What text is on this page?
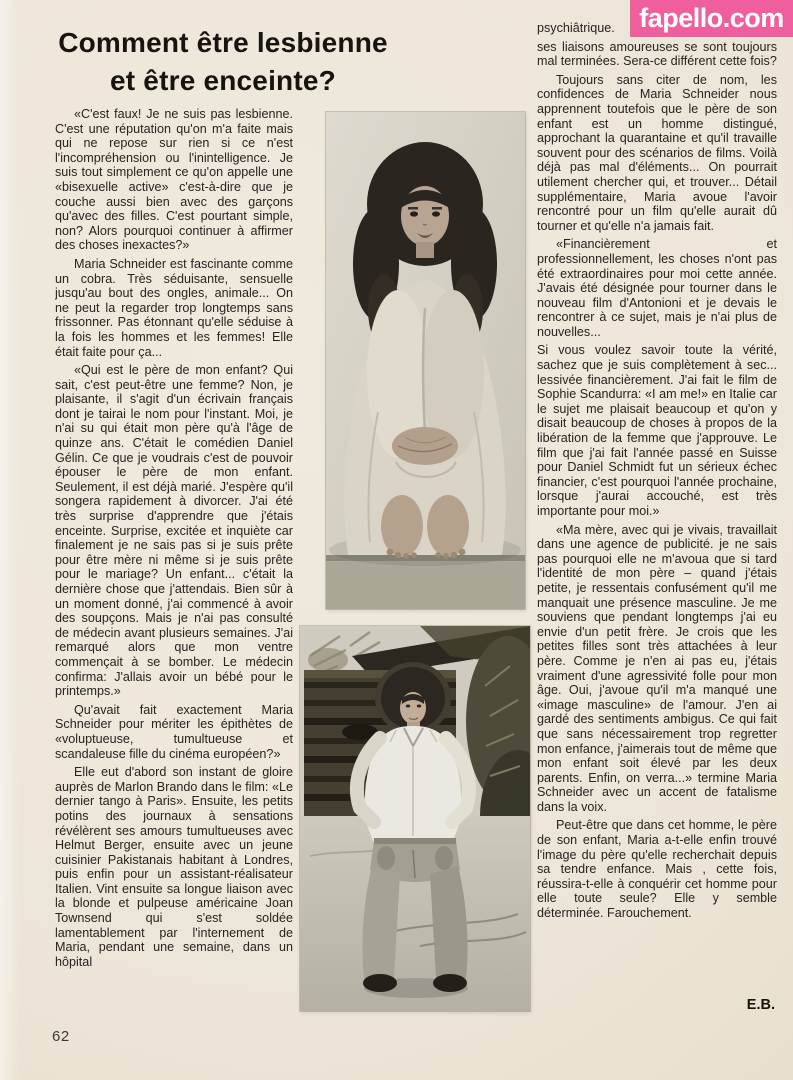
fapello.com
Comment être lesbienne
et être enceinte?

«C'est faux! Je ne suis pas lesbienne. C'est une réputation qu'on m'a faite mais qui ne repose sur rien si ce n'est l'incompréhension ou l'inintelligence. Je suis tout simplement ce qu'on appelle une «bisexuelle active» c'est-à-dire que je couche aussi bien avec des garçons qu'avec des filles. C'est pourtant simple, non? Alors pourquoi continuer à affirmer des choses inexactes?»

Maria Schneider est fascinante comme un cobra. Très séduisante, sensuelle jusqu'au bout des ongles, animale... On ne peut la regarder trop longtemps sans frissonner. Pas étonnant qu'elle séduise à la fois les hommes et les femmes! Elle était faite pour ça...

«Qui est le père de mon enfant? Qui sait, c'est peut-être une femme? Non, je plaisante, il s'agit d'un écrivain français dont je tairai le nom pour l'instant. Moi, je n'ai su qui était mon père qu'à l'âge de quinze ans. C'était le comédien Daniel Gélin. Ce que je voudrais c'est de pouvoir épouser le père de mon enfant. Seulement, il est déjà marié. J'espère qu'il songera rapidement à divorcer. J'ai été très surprise d'apprendre que j'étais enceinte. Surprise, excitée et inquiète car finalement je ne sais pas si je suis prête pour être mère ni même si je suis prête pour le mariage? Un enfant... c'était la dernière chose que j'attendais. Bien sûr à un moment donné, j'ai commencé à avoir des soupçons. Mais je n'ai pas consulté de médecin avant plusieurs semaines. J'ai remarqué alors que mon ventre commençait à se bomber. Le médecin confirma: J'allais avoir un bébé pour le printemps.»

Qu'avait fait exactement Maria Schneider pour mériter les épithètes de «voluptueuse, tumultueuse et scandaleuse fille du cinéma européen?»

Elle eut d'abord son instant de gloire auprès de Marlon Brando dans le film: «Le dernier tango à Paris». Ensuite, les petits potins des journaux à sensations révélèrent ses amours tumultueuses avec Helmut Berger, ensuite avec un jeune cuisinier Pakistanais habitant à Londres, puis enfin pour un assistant-réalisateur Italien. Vint ensuite sa longue liaison avec la blonde et pulpeuse américaine Joan Townsend qui s'est soldée lamentablement par l'internement de Maria, pendant une semaine, dans un hôpital

psychiâtrique.

ses liaisons amoureuses se sont toujours mal terminées. Sera-ce différent cette fois?

Toujours sans citer de nom, les confidences de Maria Schneider nous apprennent toutefois que le père de son enfant est un homme distingué, approchant la quarantaine et qu'il travaille souvent pour des scénarios de films. Voilà déjà pas mal d'éléments... On pourrait utilement chercher qui, et trouver... Détail supplémentaire, Maria avoue l'avoir rencontré pour un film qu'elle aurait dû tourner et qu'elle n'a jamais fait.

«Financièrement et professionnellement, les choses n'ont pas été extraordinaires pour moi cette année. J'avais été désignée pour tourner dans le nouveau film d'Antonioni et je devais le rencontrer à ce sujet, mais je n'ai plus de nouvelles...

Si vous voulez savoir toute la vérité, sachez que je suis complètement à sec... lessivée financièrement. J'ai fait le film de Sophie Scandurra: «I am me!» en Italie car le sujet me plaisait beaucoup et qu'on y disait beaucoup de choses à propos de la libération de la femme que j'approuve. Le film que j'ai fait l'année passé en Suisse pour Daniel Schmidt fut un sérieux échec financier, c'est pourquoi l'année prochaine, lorsque j'aurai accouché, est très importante pour moi.»

«Ma mère, avec qui je vivais, travaillait dans une agence de publicité. je ne sais pas pourquoi elle ne m'avoua que si tard l'identité de mon père – quand j'étais petite, je ressentais confusément qu'il me manquait une présence masculine. Je me souviens que pendant longtemps j'ai eu envie d'un petit frère. Je crois que les petites filles sont très attachées à leur père. Comme je n'en ai pas eu, j'étais vraiment d'une agressivité folle pour mon âge. Oui, j'avoue qu'il m'a manqué une «image masculine» de l'amour. J'en ai gardé des sentiments ambigus. Ce qui fait que sans nécessairement trop regretter mon enfance, j'aimerais tout de même que mon enfant soit élevé par les deux parents. Enfin, on verra...» termine Maria Schneider avec un accent de fatalisme dans la voix.

Peut-être que dans cet homme, le père de son enfant, Maria a-t-elle enfin trouvé l'image du père qu'elle recherchait depuis sa tendre enfance. Mais , cette fois, réussira-t-elle à conquérir cet homme pour elle toute seule? Elle y semble déterminée. Farouchement.

62
E.B.
